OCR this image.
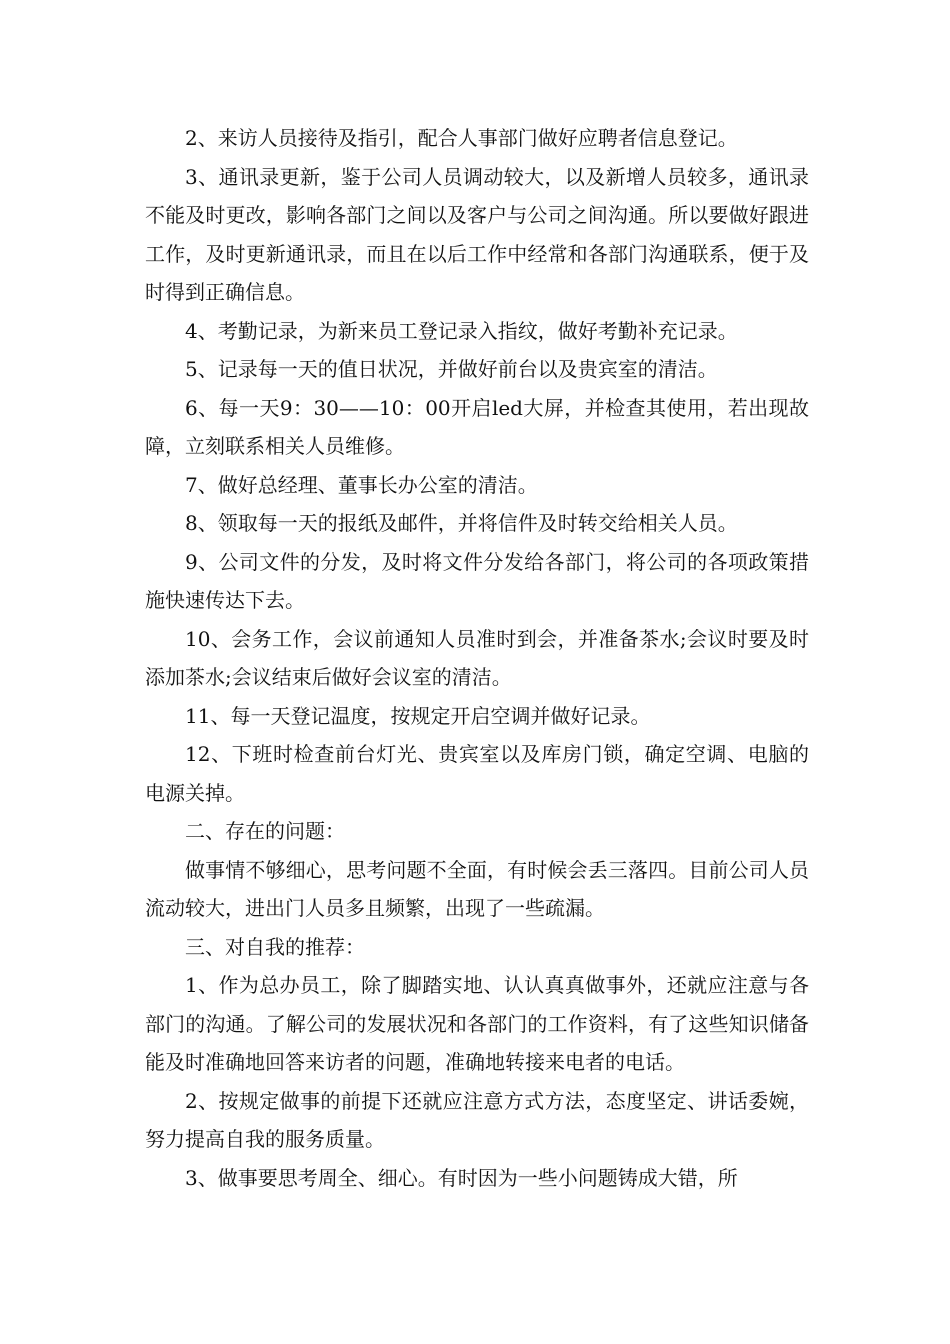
2、来访人员接待及指引，配合人事部门做好应聘者信息登记。

3、通讯录更新，鉴于公司人员调动较大，以及新增人员较多，通讯录不能及时更改，影响各部门之间以及客户与公司之间沟通。所以要做好跟进工作，及时更新通讯录，而且在以后工作中经常和各部门沟通联系，便于及时得到正确信息。

4、考勤记录，为新来员工登记录入指纹，做好考勤补充记录。

5、记录每一天的值日状况，并做好前台以及贵宾室的清洁。

6、每一天9：30——10：00开启led大屏，并检查其使用，若出现故障，立刻联系相关人员维修。

7、做好总经理、董事长办公室的清洁。

8、领取每一天的报纸及邮件，并将信件及时转交给相关人员。

9、公司文件的分发，及时将文件分发给各部门，将公司的各项政策措施快速传达下去。

10、会务工作，会议前通知人员准时到会，并准备茶水;会议时要及时添加茶水;会议结束后做好会议室的清洁。

11、每一天登记温度，按规定开启空调并做好记录。

12、下班时检查前台灯光、贵宾室以及库房门锁，确定空调、电脑的电源关掉。

二、存在的问题：

做事情不够细心，思考问题不全面，有时候会丢三落四。目前公司人员流动较大，进出门人员多且频繁，出现了一些疏漏。

三、对自我的推荐：

1、作为总办员工，除了脚踏实地、认认真真做事外，还就应注意与各部门的沟通。了解公司的发展状况和各部门的工作资料，有了这些知识储备能及时准确地回答来访者的问题，准确地转接来电者的电话。

2、按规定做事的前提下还就应注意方式方法，态度坚定、讲话委婉，努力提高自我的服务质量。

3、做事要思考周全、细心。有时因为一些小问题铸成大错，所
